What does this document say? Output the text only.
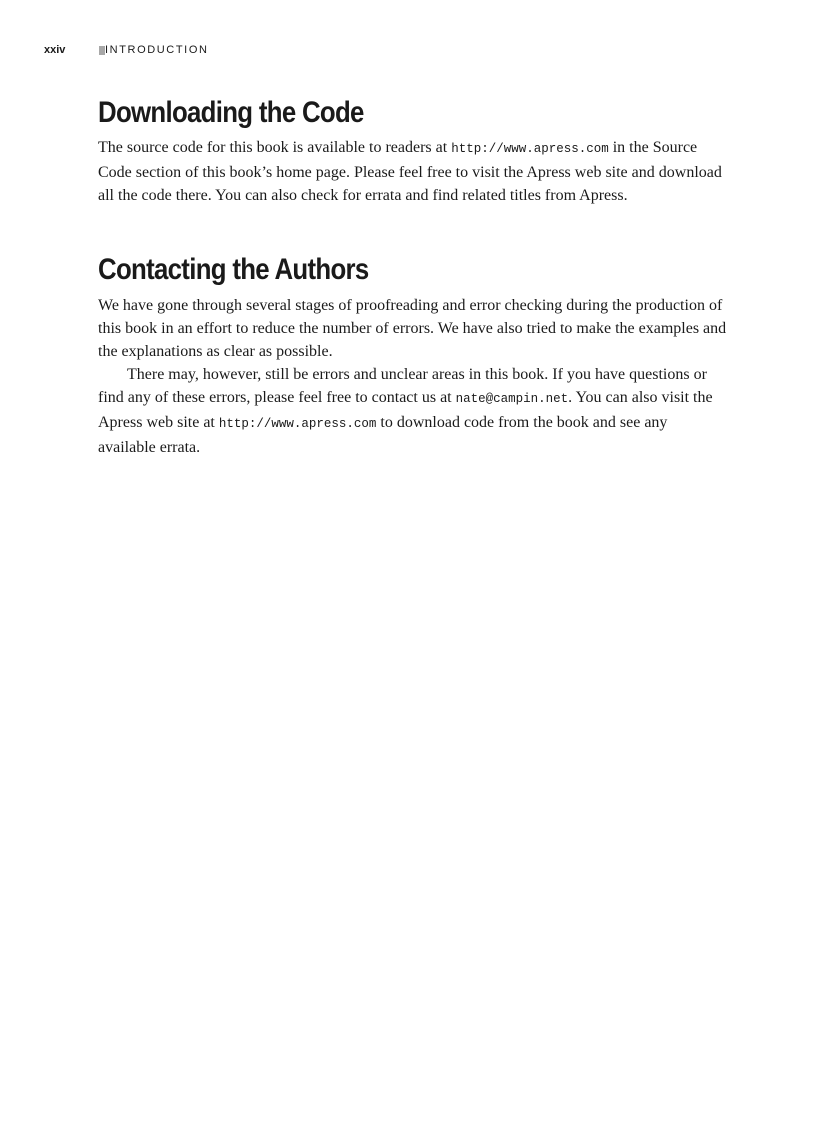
xxiv	INTRODUCTION
Downloading the Code

The source code for this book is available to readers at http://www.apress.com in the Source Code section of this book’s home page. Please feel free to visit the Apress web site and download all the code there. You can also check for errata and find related titles from Apress.

Contacting the Authors

We have gone through several stages of proofreading and error checking during the production of this book in an effort to reduce the number of errors. We have also tried to make the examples and the explanations as clear as possible.

There may, however, still be errors and unclear areas in this book. If you have questions or find any of these errors, please feel free to contact us at nate@campin.net. You can also visit the Apress web site at http://www.apress.com to download code from the book and see any available errata.
